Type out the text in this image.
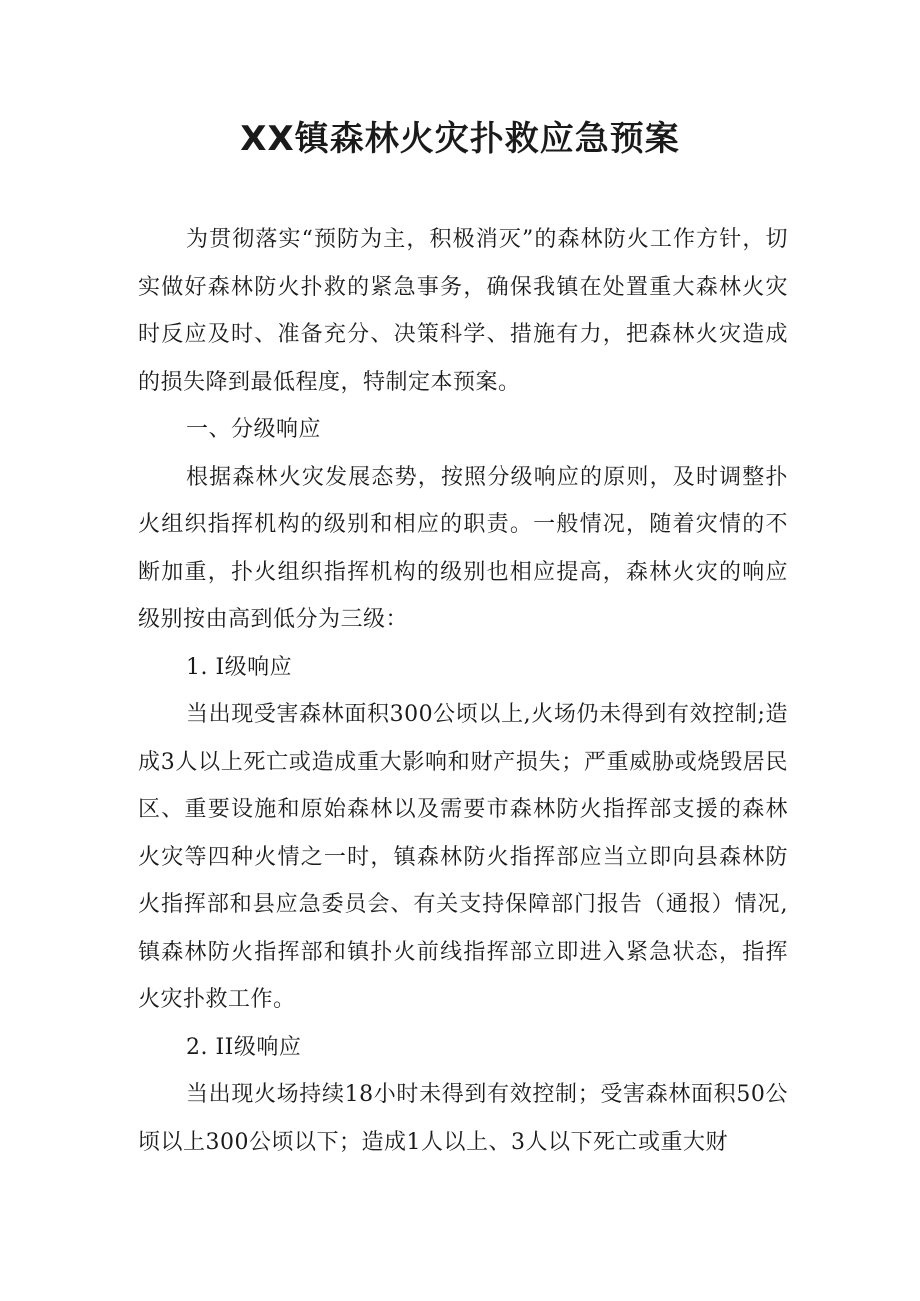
XX镇森林火灾扑救应急预案

为贯彻落实“预防为主，积极消灭”的森林防火工作方针，切实做好森林防火扑救的紧急事务，确保我镇在处置重大森林火灾时反应及时、准备充分、决策科学、措施有力，把森林火灾造成的损失降到最低程度，特制定本预案。

一、分级响应

根据森林火灾发展态势，按照分级响应的原则，及时调整扑火组织指挥机构的级别和相应的职责。一般情况，随着灾情的不断加重，扑火组织指挥机构的级别也相应提高，森林火灾的响应级别按由高到低分为三级：

1. I级响应

当出现受害森林面积300公顷以上,火场仍未得到有效控制;造成3人以上死亡或造成重大影响和财产损失；严重威胁或烧毁居民区、重要设施和原始森林以及需要市森林防火指挥部支援的森林火灾等四种火情之一时，镇森林防火指挥部应当立即向县森林防火指挥部和县应急委员会、有关支持保障部门报告（通报）情况,镇森林防火指挥部和镇扑火前线指挥部立即进入紧急状态，指挥火灾扑救工作。

2. II级响应

当出现火场持续18小时未得到有效控制；受害森林面积50公顷以上300公顷以下；造成1人以上、3人以下死亡或重大财
